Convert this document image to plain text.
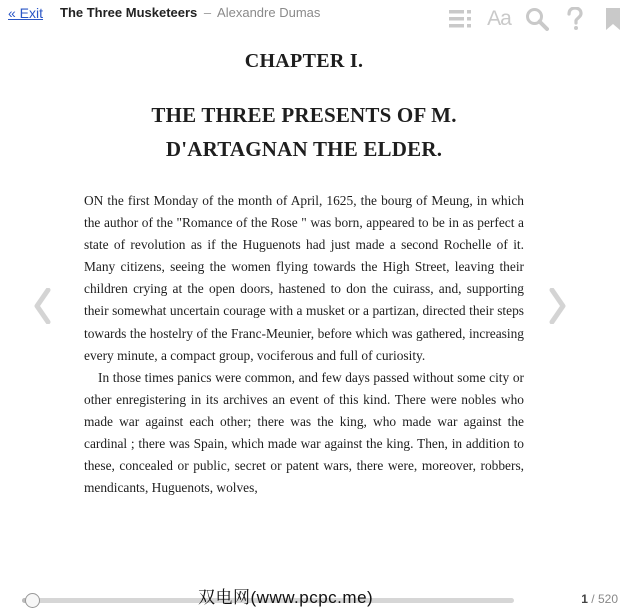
« Exit The Three Musketeers – Alexandre Dumas	Aa
CHAPTER I.
THE THREE PRESENTS OF M.
D'ARTAGNAN THE ELDER.

ON the first Monday of the month of April, 1625, the bourg of Meung, in which the author of the "Romance of the Rose " was born, appeared to be in as perfect a state of revolution as if the Huguenots had just made a second Rochelle of it. Many citizens, seeing the women flying towards the High Street, leaving their children crying at the open doors, hastened to don the cuirass, and, supporting their somewhat uncertain courage with a musket or a partizan, directed their steps towards the hostelry of the Franc-Meunier, before which was gathered, increasing every minute, a compact group, vociferous and full of curiosity.

In those times panics were common, and few days passed without some city or other enregistering in its archives an event of this kind. There were nobles who made war against each other; there was the king, who made war against the cardinal ; there was Spain, which made war against the king. Then, in addition to these, concealed or public, secret or patent wars, there were, moreover, robbers, mendicants, Huguenots, wolves,

双电网(www.pcpc.me)	1 / 520
